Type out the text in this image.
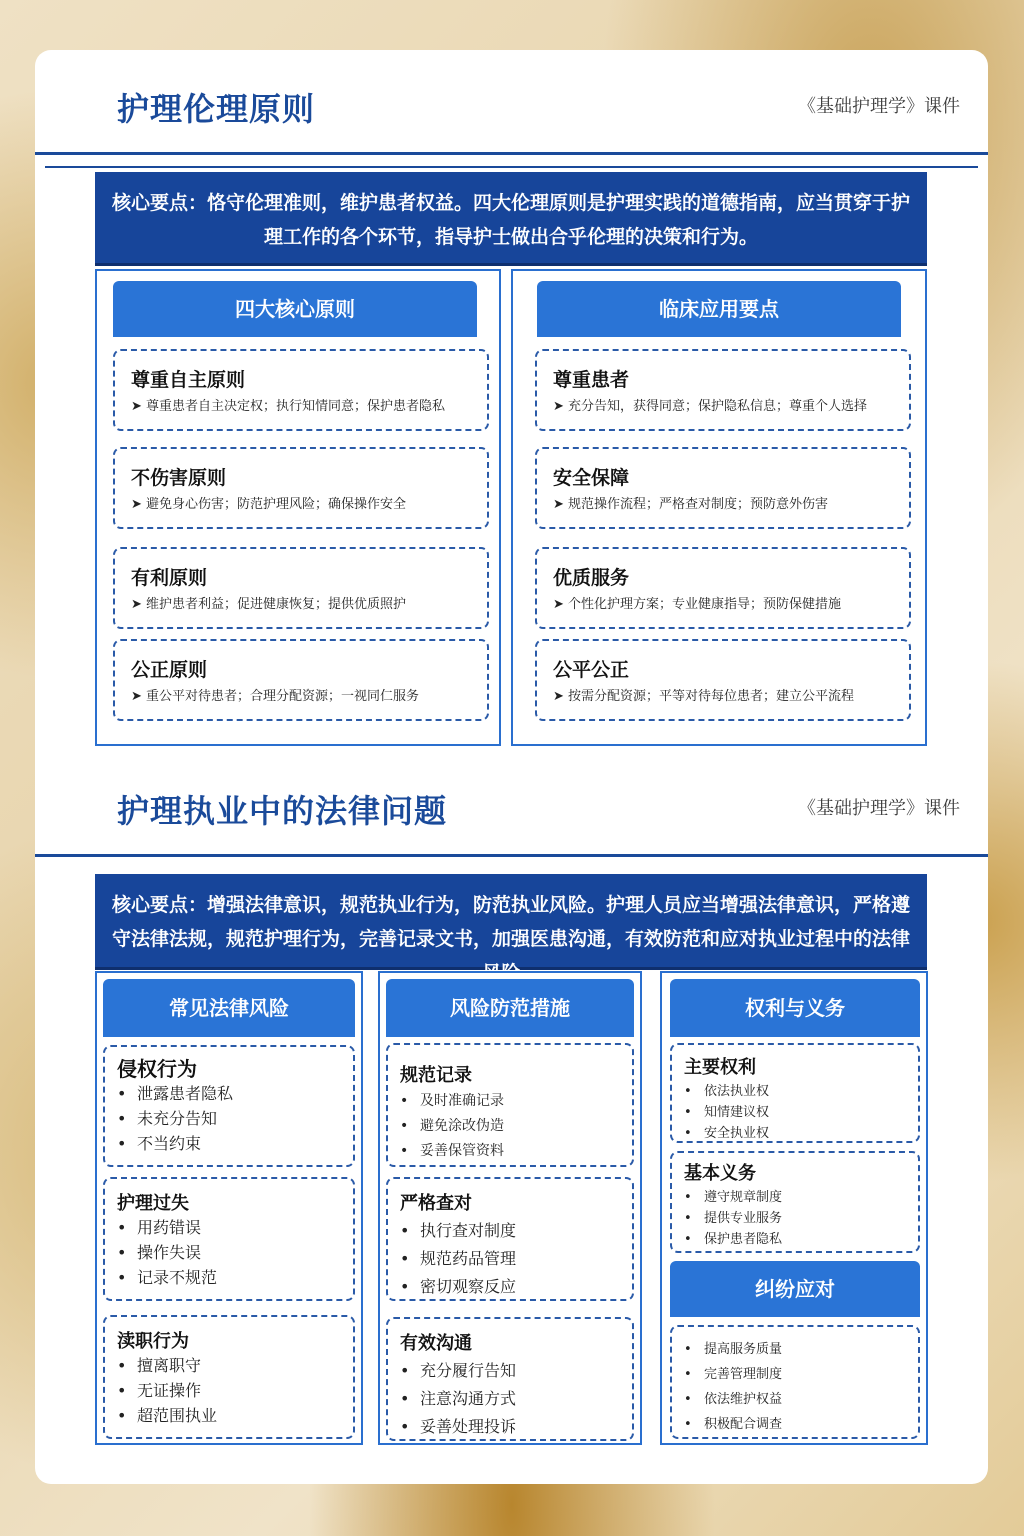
护理伦理原则	《基础护理学》课件
核心要点：恪守伦理准则，维护患者权益。四大伦理原则是护理实践的道德指南，应当贯穿于护理工作的各个环节，指导护士做出合乎伦理的决策和行为。
四大核心原则
尊重自主原则
➤ 尊重患者自主决定权；执行知情同意；保护患者隐私
不伤害原则
➤ 避免身心伤害；防范护理风险；确保操作安全
有利原则
➤ 维护患者利益；促进健康恢复；提供优质照护
公正原则
➤ 重公平对待患者；合理分配资源；一视同仁服务
临床应用要点
尊重患者
➤ 充分告知，获得同意；保护隐私信息；尊重个人选择
安全保障
➤ 规范操作流程；严格查对制度；预防意外伤害
优质服务
➤ 个性化护理方案；专业健康指导；预防保健措施
公平公正
➤ 按需分配资源；平等对待每位患者；建立公平流程
护理执业中的法律问题	《基础护理学》课件
核心要点：增强法律意识，规范执业行为，防范执业风险。护理人员应当增强法律意识，严格遵守法律法规，规范护理行为，完善记录文书，加强医患沟通，有效防范和应对执业过程中的法律
常见法律风险
侵权行为
• 泄露患者隐私
• 未充分告知
• 不当约束
护理过失
• 用药错误
• 操作失误
• 记录不规范
渎职行为
• 擅离职守
• 无证操作
• 超范围执业
风险防范措施
规范记录
• 及时准确记录
• 避免涂改伪造
• 妥善保管资料
严格查对
• 执行查对制度
• 规范药品管理
• 密切观察反应
有效沟通
• 充分履行告知
• 注意沟通方式
• 妥善处理投诉
权利与义务
主要权利
• 依法执业权
• 知情建议权
• 安全执业权
基本义务
• 遵守规章制度
• 提供专业服务
• 保护患者隐私
纠纷应对
• 提高服务质量
• 完善管理制度
• 依法维护权益
• 积极配合调查
